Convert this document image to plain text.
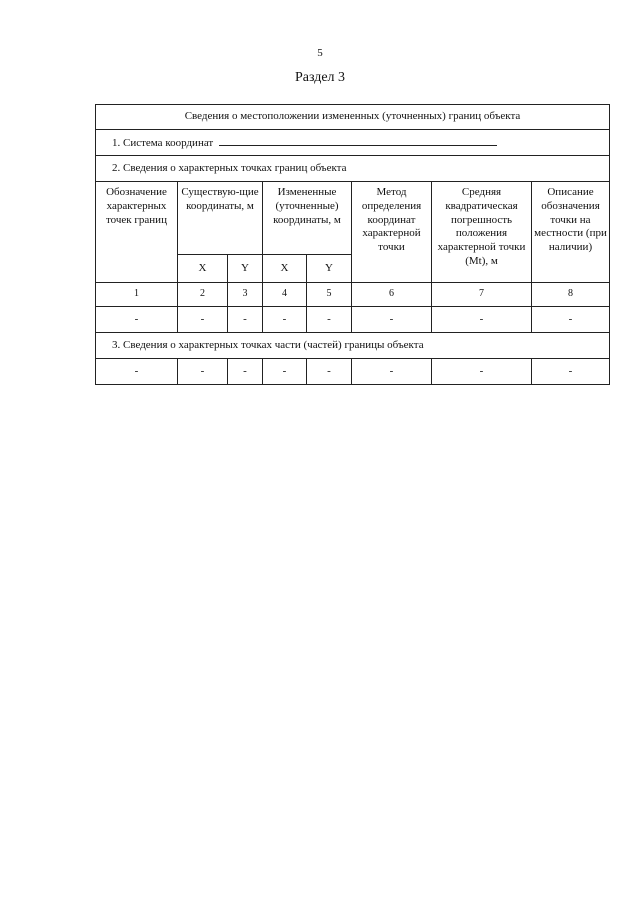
5
Раздел 3
Сведения о местоположении измененных (уточненных) границ объекта							
1. Система координат							
2. Сведения о характерных точках границ объекта							
Обозначение характерных точек границ	Существую-щие координаты, м		Измененные (уточненные) координаты, м		Метод определения координат характерной точки	Средняя квадратическая погрешность положения характерной точки (Mt), м	Описание обозначения точки на местности (при наличии)
	X	Y	X	Y			
1	2	3	4	5	6	7	8
-	-	-	-	-	-	-	-
3. Сведения о характерных точках части (частей) границы объекта							
-	-	-	-	-	-	-	-
